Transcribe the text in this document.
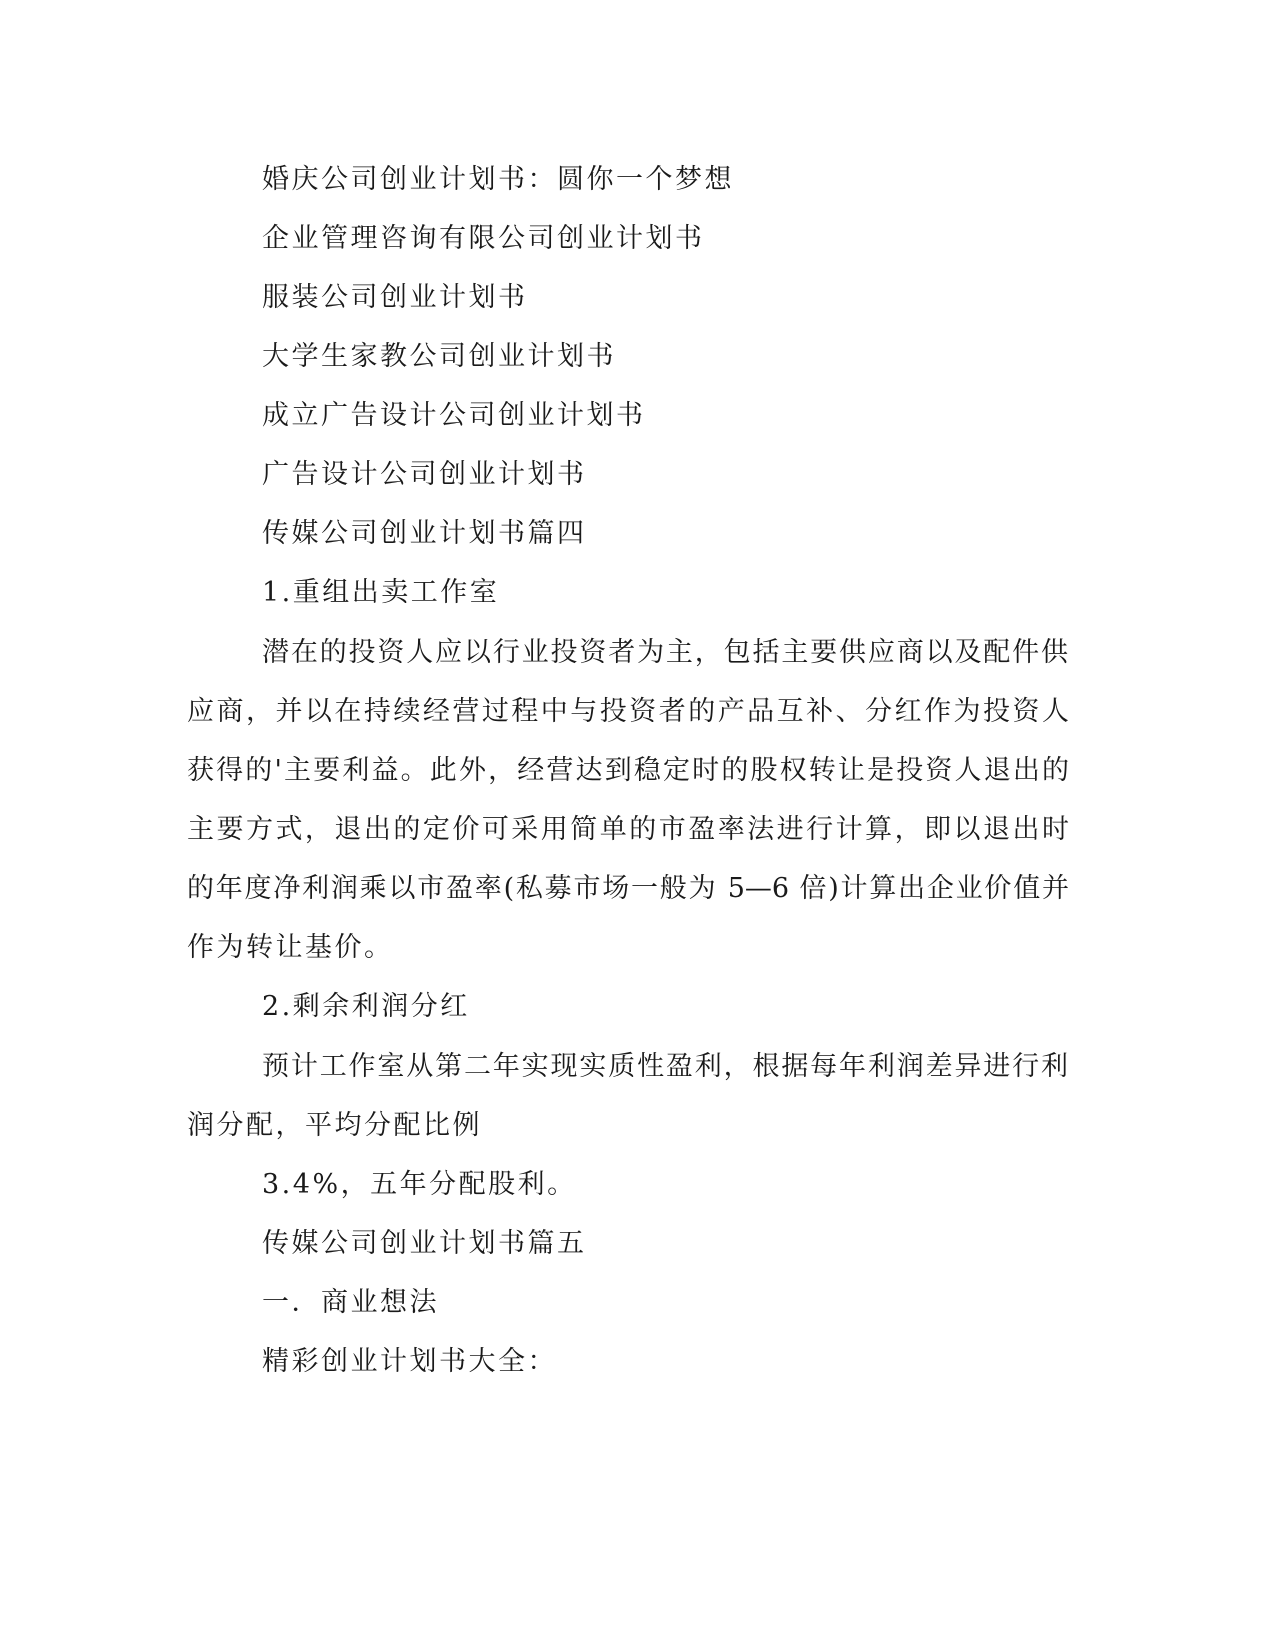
婚庆公司创业计划书：圆你一个梦想
企业管理咨询有限公司创业计划书
服装公司创业计划书
大学生家教公司创业计划书
成立广告设计公司创业计划书
广告设计公司创业计划书
传媒公司创业计划书篇四
1.重组出卖工作室
潜在的投资人应以行业投资者为主，包括主要供应商以及配件供
应商，并以在持续经营过程中与投资者的产品互补、分红作为投资人
获得的'主要利益。此外，经营达到稳定时的股权转让是投资人退出的
主要方式，退出的定价可采用简单的市盈率法进行计算，即以退出时
的年度净利润乘以市盈率(私募市场一般为 5—6 倍)计算出企业价值并
作为转让基价。
2.剩余利润分红
预计工作室从第二年实现实质性盈利，根据每年利润差异进行利
润分配，平均分配比例
3.4%，五年分配股利。
传媒公司创业计划书篇五
一．商业想法
精彩创业计划书大全：
